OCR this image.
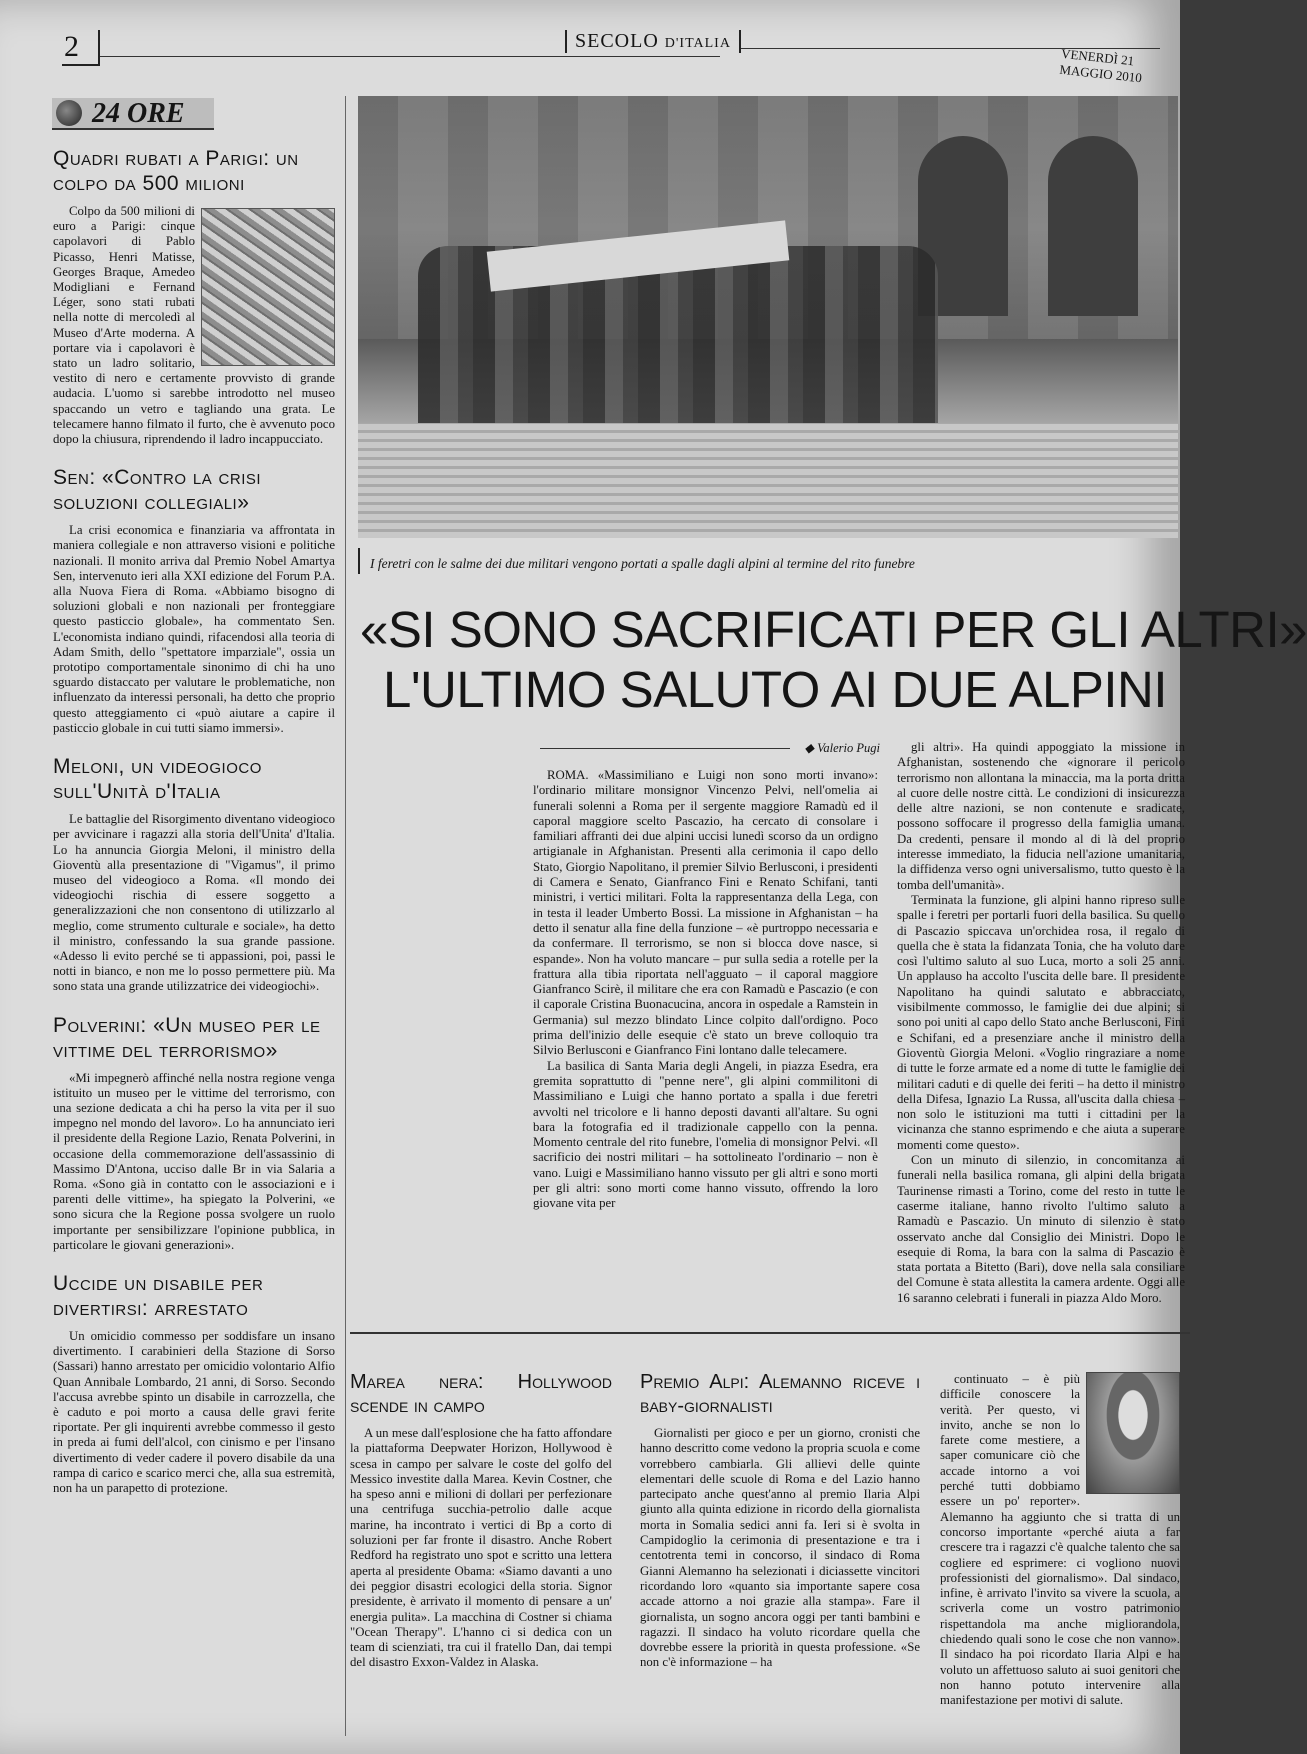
2	SECOLO D'ITALIA
VENERDÌ 21 MAGGIO 2010
24 ORE
Quadri rubati a Parigi: un colpo da 500 milioni

Colpo da 500 milioni di euro a Parigi: cinque capolavori di Pablo Picasso, Henri Matisse, Georges Braque, Amedeo Modigliani e Fernand Léger, sono stati rubati nella notte di mercoledì al Museo d'Arte moderna. A portare via i capolavori è stato un ladro solitario, vestito di nero e certamente provvisto di grande audacia. L'uomo si sarebbe introdotto nel museo spaccando un vetro e tagliando una grata. Le telecamere hanno filmato il furto, che è avvenuto poco dopo la chiusura, riprendendo il ladro incappucciato.

Sen: «Contro la crisi soluzioni collegiali»

La crisi economica e finanziaria va affrontata in maniera collegiale e non attraverso visioni e politiche nazionali. Il monito arriva dal Premio Nobel Amartya Sen, intervenuto ieri alla XXI edizione del Forum P.A. alla Nuova Fiera di Roma. «Abbiamo bisogno di soluzioni globali e non nazionali per fronteggiare questo pasticcio globale», ha commentato Sen. L'economista indiano quindi, rifacendosi alla teoria di Adam Smith, dello "spettatore imparziale", ossia un prototipo comportamentale sinonimo di chi ha uno sguardo distaccato per valutare le problematiche, non influenzato da interessi personali, ha detto che proprio questo atteggiamento ci «può aiutare a capire il pasticcio globale in cui tutti siamo immersi».

Meloni, un videogioco sull'Unità d'Italia

Le battaglie del Risorgimento diventano videogioco per avvicinare i ragazzi alla storia dell'Unita' d'Italia. Lo ha annuncia Giorgia Meloni, il ministro della Gioventù alla presentazione di "Vigamus", il primo museo del videogioco a Roma. «Il mondo dei videogiochi rischia di essere soggetto a generalizzazioni che non consentono di utilizzarlo al meglio, come strumento culturale e sociale», ha detto il ministro, confessando la sua grande passione. «Adesso li evito perché se ti appassioni, poi, passi le notti in bianco, e non me lo posso permettere più. Ma sono stata una grande utilizzatrice dei videogiochi».

Polverini: «Un museo per le vittime del terrorismo»

«Mi impegnerò affinché nella nostra regione venga istituito un museo per le vittime del terrorismo, con una sezione dedicata a chi ha perso la vita per il suo impegno nel mondo del lavoro». Lo ha annunciato ieri il presidente della Regione Lazio, Renata Polverini, in occasione della commemorazione dell'assassinio di Massimo D'Antona, ucciso dalle Br in via Salaria a Roma. «Sono già in contatto con le associazioni e i parenti delle vittime», ha spiegato la Polverini, «e sono sicura che la Regione possa svolgere un ruolo importante per sensibilizzare l'opinione pubblica, in particolare le giovani generazioni».

Uccide un disabile per divertirsi: arrestato

Un omicidio commesso per soddisfare un insano divertimento. I carabinieri della Stazione di Sorso (Sassari) hanno arrestato per omicidio volontario Alfio Quan Annibale Lombardo, 21 anni, di Sorso. Secondo l'accusa avrebbe spinto un disabile in carrozzella, che è caduto e poi morto a causa delle gravi ferite riportate. Per gli inquirenti avrebbe commesso il gesto in preda ai fumi dell'alcol, con cinismo e per l'insano divertimento di veder cadere il povero disabile da una rampa di carico e scarico merci che, alla sua estremità, non ha un parapetto di protezione.

I feretri con le salme dei due militari vengono portati a spalle dagli alpini al termine del rito funebre
«SI SONO SACRIFICATI PER GLI ALTRI»
L'ULTIMO SALUTO AI DUE ALPINI
◆ Valerio Pugi

ROMA. «Massimiliano e Luigi non sono morti invano»: l'ordinario militare monsignor Vincenzo Pelvi, nell'omelia ai funerali solenni a Roma per il sergente maggiore Ramadù ed il caporal maggiore scelto Pascazio, ha cercato di consolare i familiari affranti dei due alpini uccisi lunedì scorso da un ordigno artigianale in Afghanistan. Presenti alla cerimonia il capo dello Stato, Giorgio Napolitano, il premier Silvio Berlusconi, i presidenti di Camera e Senato, Gianfranco Fini e Renato Schifani, tanti ministri, i vertici militari. Folta la rappresentanza della Lega, con in testa il leader Umberto Bossi. La missione in Afghanistan – ha detto il senatur alla fine della funzione – «è purtroppo necessaria e da confermare. Il terrorismo, se non si blocca dove nasce, si espande». Non ha voluto mancare – pur sulla sedia a rotelle per la frattura alla tibia riportata nell'agguato – il caporal maggiore Gianfranco Scirè, il militare che era con Ramadù e Pascazio (e con il caporale Cristina Buonacucina, ancora in ospedale a Ramstein in Germania) sul mezzo blindato Lince colpito dall'ordigno. Poco prima dell'inizio delle esequie c'è stato un breve colloquio tra Silvio Berlusconi e Gianfranco Fini lontano dalle telecamere.

La basilica di Santa Maria degli Angeli, in piazza Esedra, era gremita soprattutto di "penne nere", gli alpini commilitoni di Massimiliano e Luigi che hanno portato a spalla i due feretri avvolti nel tricolore e li hanno deposti davanti all'altare. Su ogni bara la fotografia ed il tradizionale cappello con la penna. Momento centrale del rito funebre, l'omelia di monsignor Pelvi. «Il sacrificio dei nostri militari – ha sottolineato l'ordinario – non è vano. Luigi e Massimiliano hanno vissuto per gli altri e sono morti per gli altri: sono morti come hanno vissuto, offrendo la loro giovane vita per

gli altri». Ha quindi appoggiato la missione in Afghanistan, sostenendo che «ignorare il pericolo terrorismo non allontana la minaccia, ma la porta dritta al cuore delle nostre città. Le condizioni di insicurezza delle altre nazioni, se non contenute e sradicate, possono soffocare il progresso della famiglia umana. Da credenti, pensare il mondo al di là del proprio interesse immediato, la fiducia nell'azione umanitaria, la diffidenza verso ogni universalismo, tutto questo è la tomba dell'umanità».

Terminata la funzione, gli alpini hanno ripreso sulle spalle i feretri per portarli fuori della basilica. Su quello di Pascazio spiccava un'orchidea rosa, il regalo di quella che è stata la fidanzata Tonia, che ha voluto dare così l'ultimo saluto al suo Luca, morto a soli 25 anni. Un applauso ha accolto l'uscita delle bare. Il presidente Napolitano ha quindi salutato e abbracciato, visibilmente commosso, le famiglie dei due alpini; si sono poi uniti al capo dello Stato anche Berlusconi, Fini e Schifani, ed a presenziare anche il ministro della Gioventù Giorgia Meloni. «Voglio ringraziare a nome di tutte le forze armate ed a nome di tutte le famiglie dei militari caduti e di quelle dei feriti – ha detto il ministro della Difesa, Ignazio La Russa, all'uscita dalla chiesa – non solo le istituzioni ma tutti i cittadini per la vicinanza che stanno esprimendo e che aiuta a superare momenti come questo».

Con un minuto di silenzio, in concomitanza ai funerali nella basilica romana, gli alpini della brigata Taurinense rimasti a Torino, come del resto in tutte le caserme italiane, hanno rivolto l'ultimo saluto a Ramadù e Pascazio. Un minuto di silenzio è stato osservato anche dal Consiglio dei Ministri. Dopo le esequie di Roma, la bara con la salma di Pascazio è stata portata a Bitetto (Bari), dove nella sala consiliare del Comune è stata allestita la camera ardente. Oggi alle 16 saranno celebrati i funerali in piazza Aldo Moro.

Marea nera: Hollywood scende in campo

A un mese dall'esplosione che ha fatto affondare la piattaforma Deepwater Horizon, Hollywood è scesa in campo per salvare le coste del golfo del Messico investite dalla Marea. Kevin Costner, che ha speso anni e milioni di dollari per perfezionare una centrifuga succhia-petrolio dalle acque marine, ha incontrato i vertici di Bp a corto di soluzioni per far fronte il disastro. Anche Robert Redford ha registrato uno spot e scritto una lettera aperta al presidente Obama: «Siamo davanti a uno dei peggior disastri ecologici della storia. Signor presidente, è arrivato il momento di pensare a un' energia pulita». La macchina di Costner si chiama "Ocean Therapy". L'hanno ci si dedica con un team di scienziati, tra cui il fratello Dan, dai tempi del disastro Exxon-Valdez in Alaska.

Premio Alpi: Alemanno riceve i baby-giornalisti

Giornalisti per gioco e per un giorno, cronisti che hanno descritto come vedono la propria scuola e come vorrebbero cambiarla. Gli allievi delle quinte elementari delle scuole di Roma e del Lazio hanno partecipato anche quest'anno al premio Ilaria Alpi giunto alla quinta edizione in ricordo della giornalista morta in Somalia sedici anni fa. Ieri si è svolta in Campidoglio la cerimonia di presentazione e tra i centotrenta temi in concorso, il sindaco di Roma Gianni Alemanno ha selezionati i diciassette vincitori ricordando loro «quanto sia importante sapere cosa accade attorno a noi grazie alla stampa». Fare il giornalista, un sogno ancora oggi per tanti bambini e ragazzi. Il sindaco ha voluto ricordare quella che dovrebbe essere la priorità in questa professione. «Se non c'è informazione – ha

continuato – è più difficile conoscere la verità. Per questo, vi invito, anche se non lo farete come mestiere, a saper comunicare ciò che accade intorno a voi perché tutti dobbiamo essere un po' reporter». Alemanno ha aggiunto che si tratta di un concorso importante «perché aiuta a far crescere tra i ragazzi c'è qualche talento che sa cogliere ed esprimere: ci vogliono nuovi professionisti del giornalismo». Dal sindaco, infine, è arrivato l'invito sa vivere la scuola, a scriverla come un vostro patrimonio rispettandola ma anche migliorandola, chiedendo quali sono le cose che non vanno». Il sindaco ha poi ricordato Ilaria Alpi e ha voluto un affettuoso saluto ai suoi genitori che non hanno potuto intervenire alla manifestazione per motivi di salute.
